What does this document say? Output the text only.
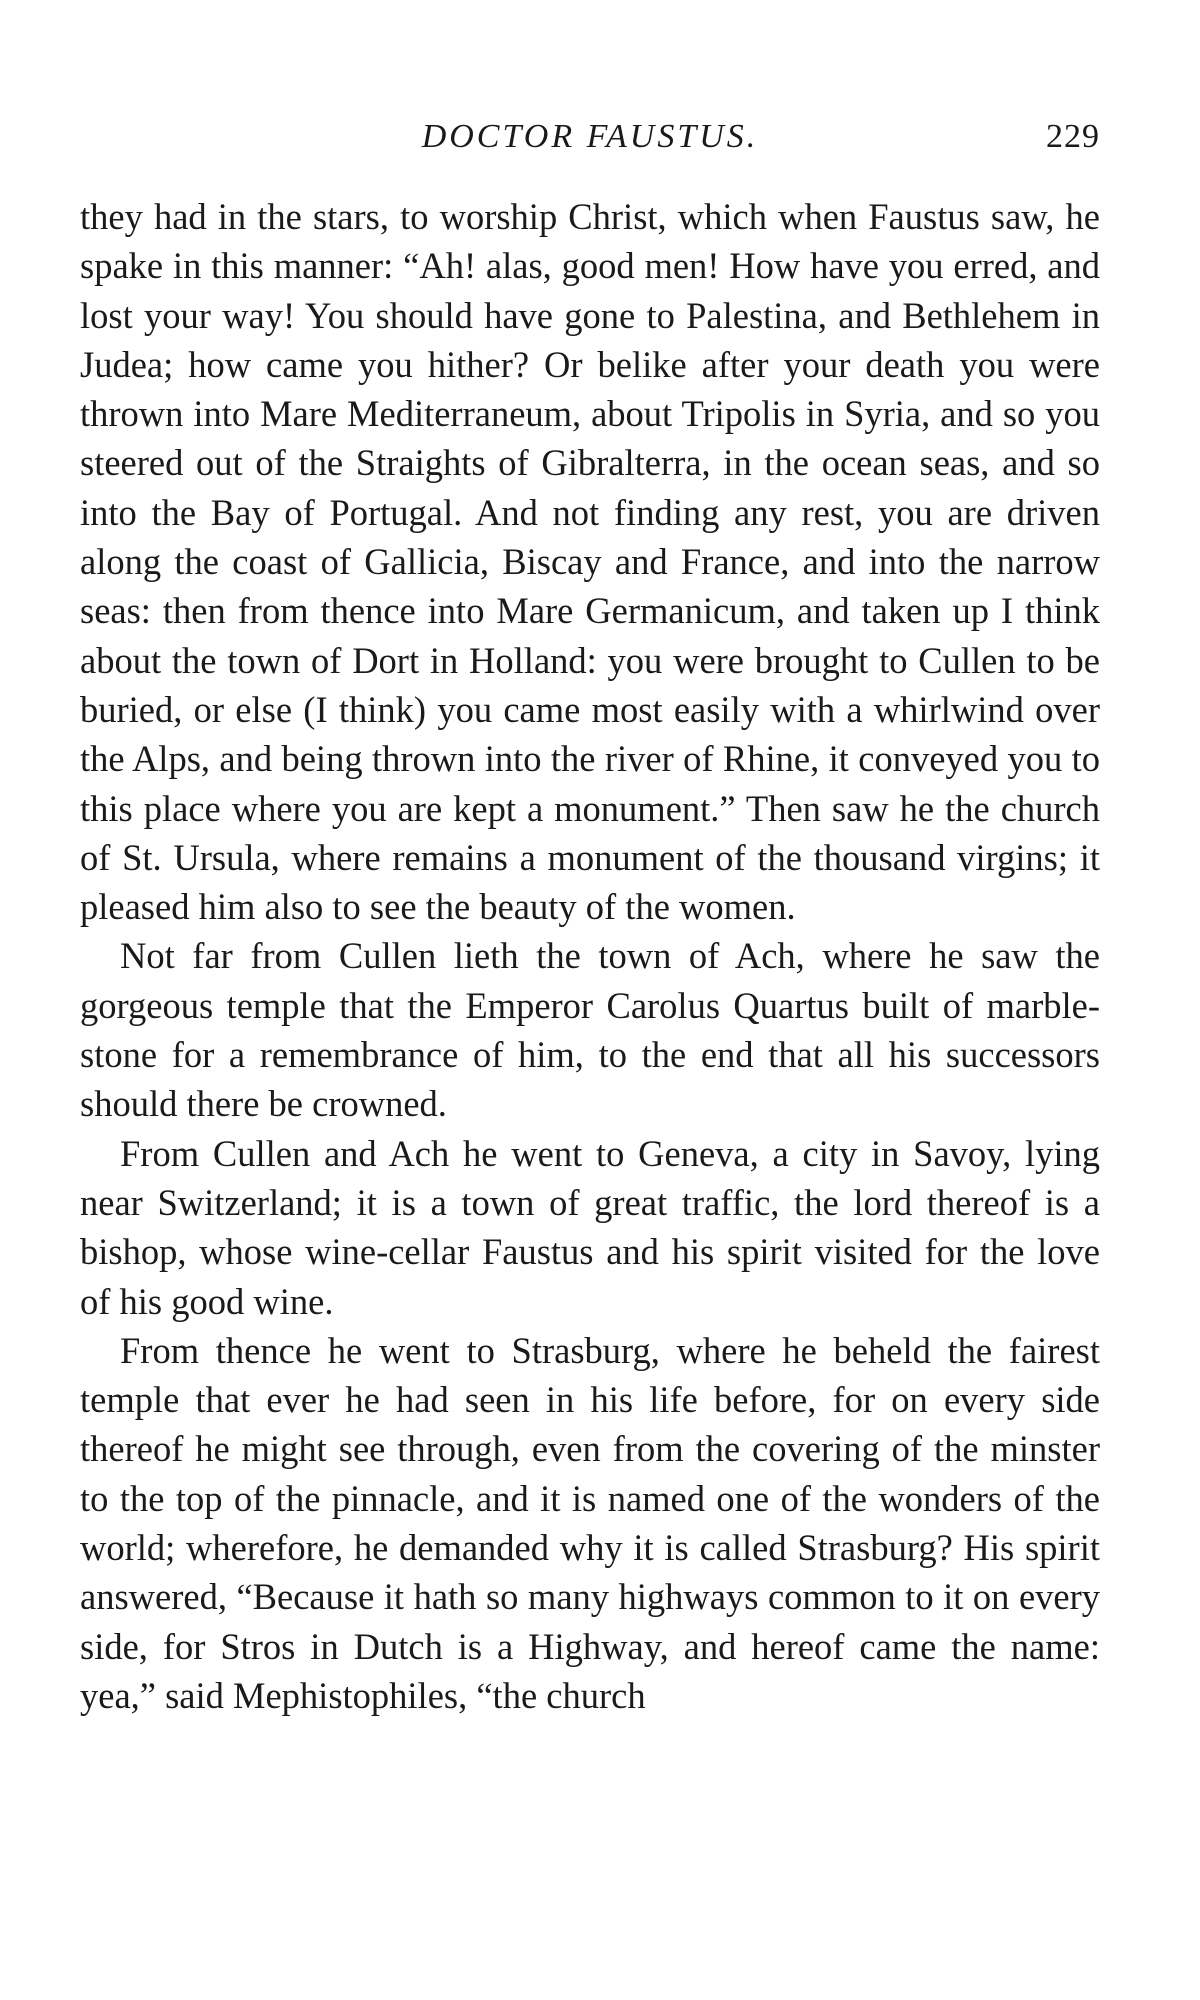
DOCTOR FAUSTUS.	229

they had in the stars, to worship Christ, which when Faustus saw, he spake in this manner: “Ah! alas, good men! How have you erred, and lost your way! You should have gone to Palestina, and Bethlehem in Judea; how came you hither? Or belike after your death you were thrown into Mare Mediterraneum, about Tripolis in Syria, and so you steered out of the Straights of Gibralterra, in the ocean seas, and so into the Bay of Portugal. And not finding any rest, you are driven along the coast of Gallicia, Biscay and France, and into the narrow seas: then from thence into Mare Germanicum, and taken up I think about the town of Dort in Holland: you were brought to Cullen to be buried, or else (I think) you came most easily with a whirlwind over the Alps, and being thrown into the river of Rhine, it conveyed you to this place where you are kept a monument.” Then saw he the church of St. Ursula, where remains a monument of the thousand virgins; it pleased him also to see the beauty of the women.

Not far from Cullen lieth the town of Ach, where he saw the gorgeous temple that the Emperor Carolus Quartus built of marble-stone for a remembrance of him, to the end that all his successors should there be crowned.

From Cullen and Ach he went to Geneva, a city in Savoy, lying near Switzerland; it is a town of great traffic, the lord thereof is a bishop, whose wine-cellar Faustus and his spirit visited for the love of his good wine.

From thence he went to Strasburg, where he beheld the fairest temple that ever he had seen in his life before, for on every side thereof he might see through, even from the covering of the minster to the top of the pinnacle, and it is named one of the wonders of the world; wherefore, he demanded why it is called Strasburg? His spirit answered, “Because it hath so many highways common to it on every side, for Stros in Dutch is a Highway, and hereof came the name: yea,” said Mephistophiles, “the church
